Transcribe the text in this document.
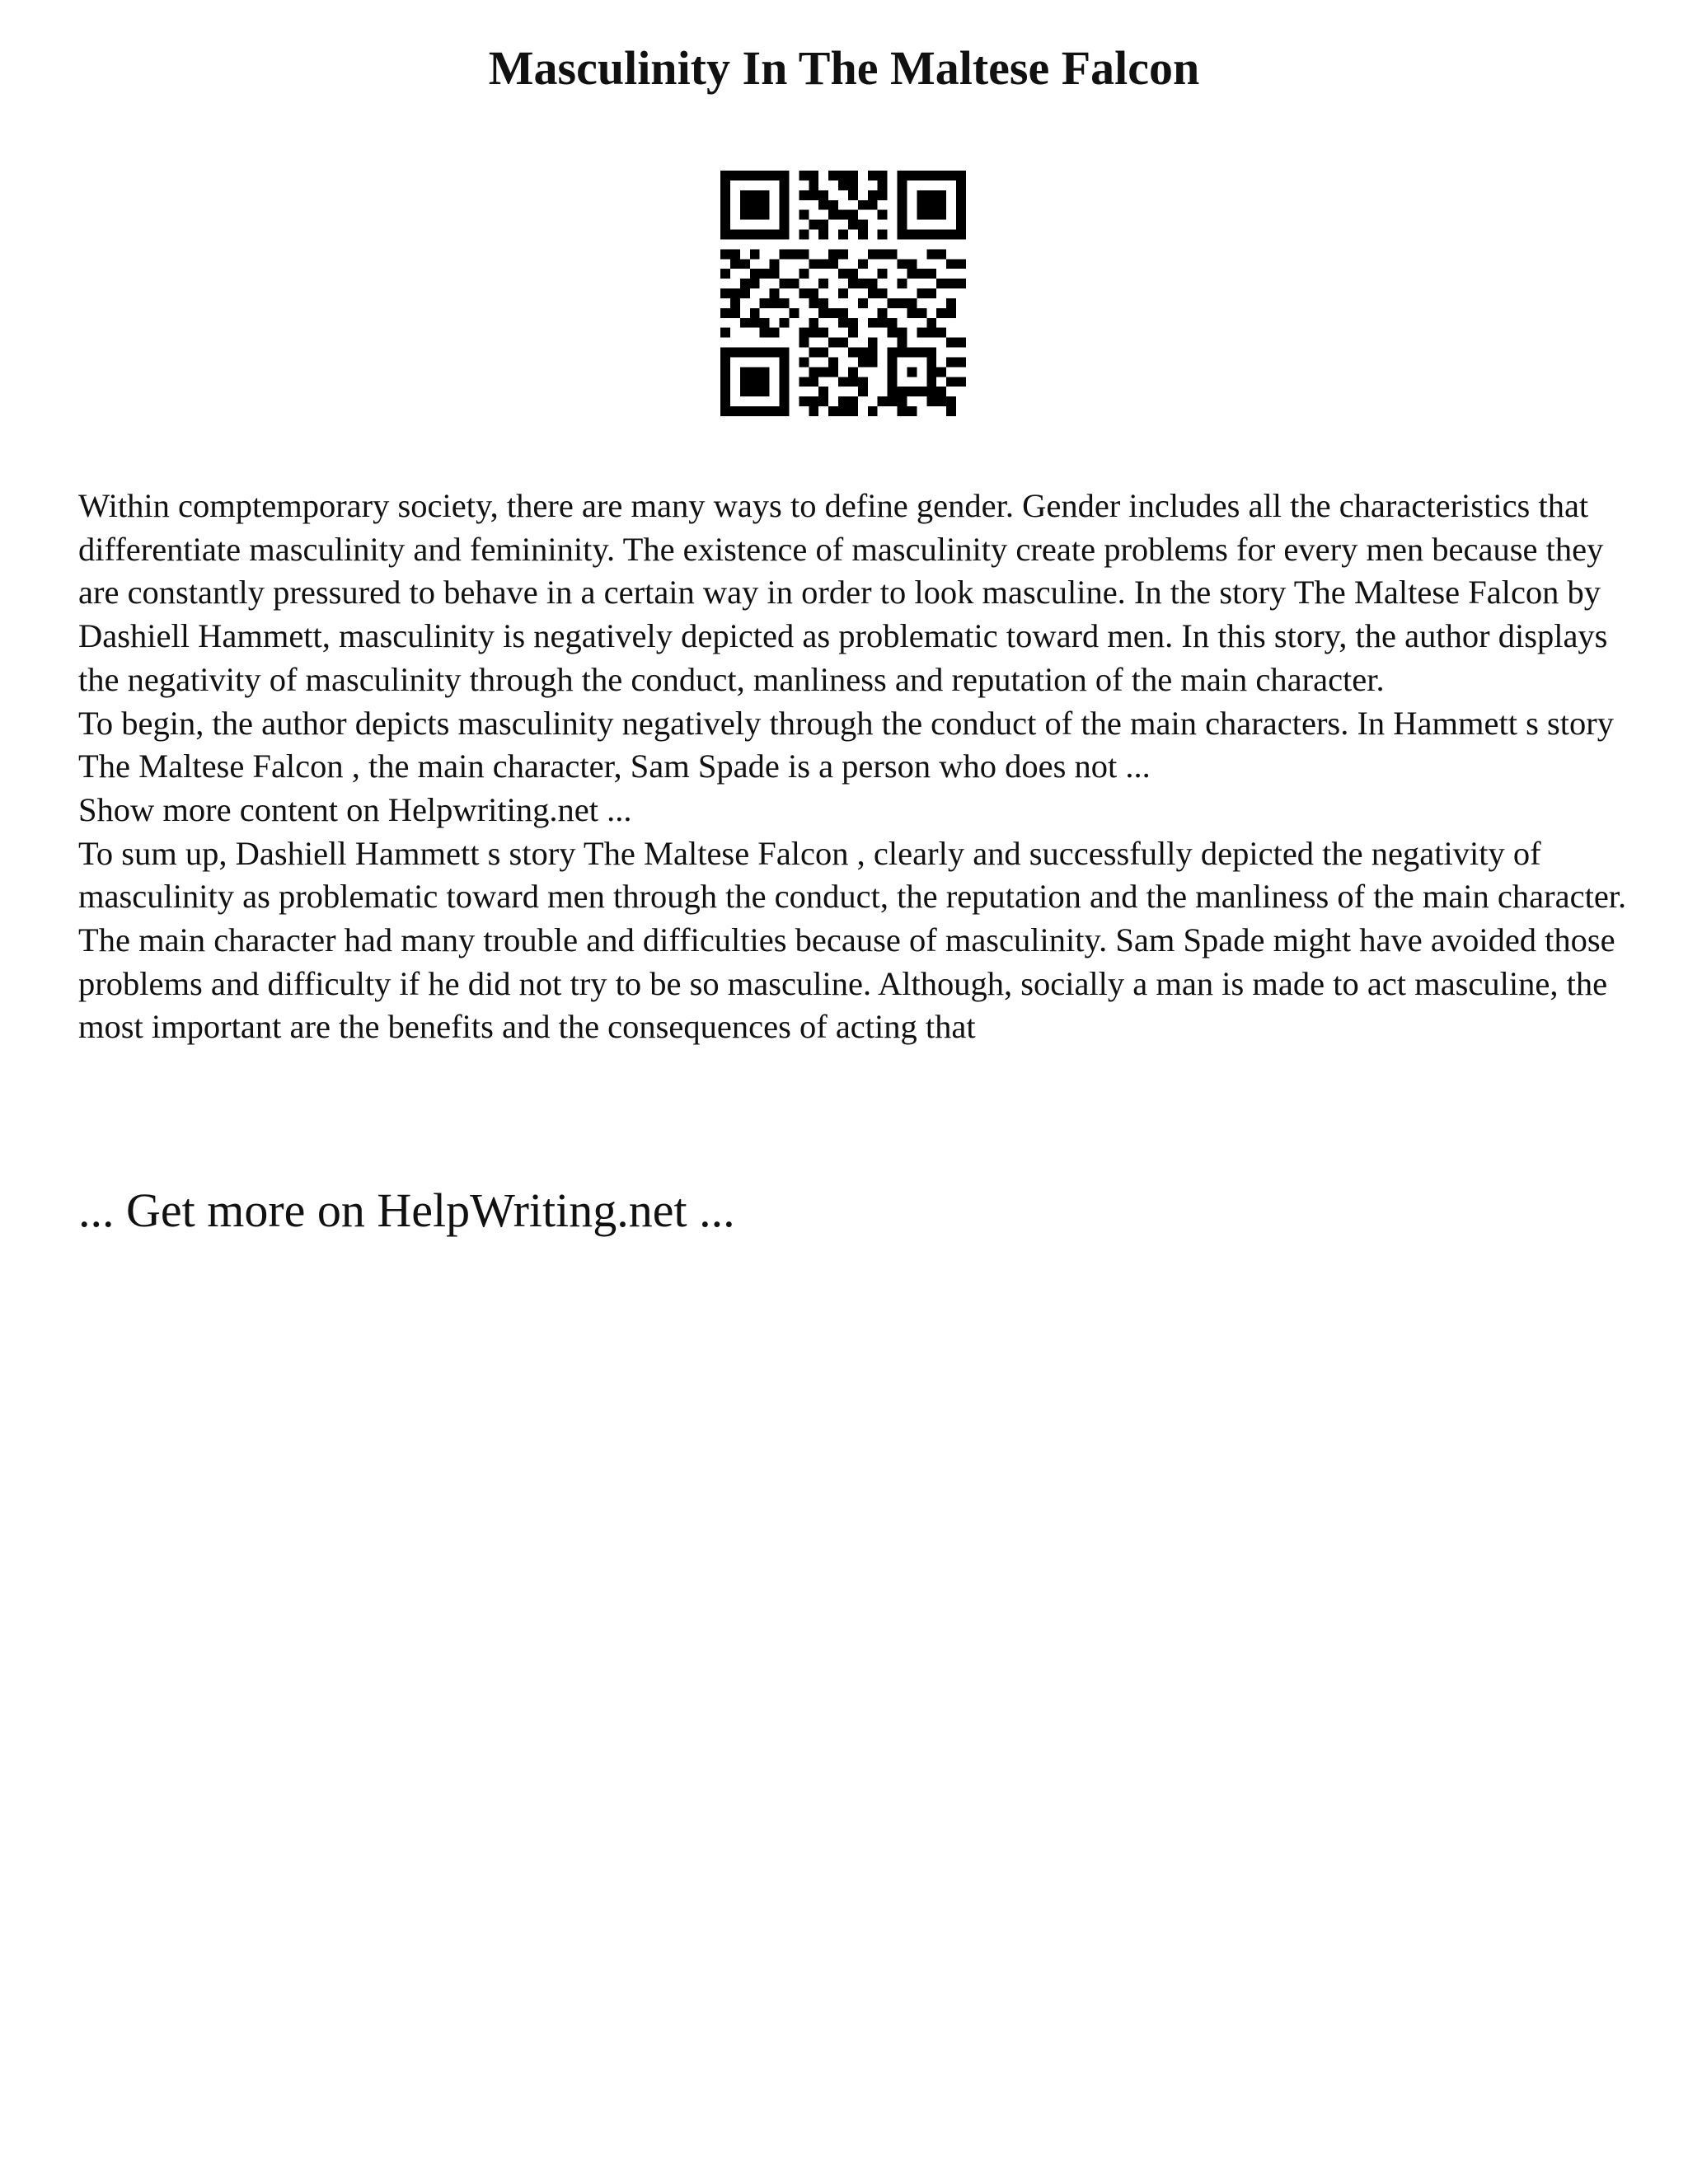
Masculinity In The Maltese Falcon

Within comptemporary society, there are many ways to define gender. Gender includes all the characteristics that differentiate masculinity and femininity. The existence of masculinity create problems for every men because they are constantly pressured to behave in a certain way in order to look masculine. In the story The Maltese Falcon by Dashiell Hammett, masculinity is negatively depicted as problematic toward men. In this story, the author displays the negativity of masculinity through the conduct, manliness and reputation of the main character.

To begin, the author depicts masculinity negatively through the conduct of the main characters. In Hammett s story The Maltese Falcon , the main character, Sam Spade is a person who does not ...

Show more content on Helpwriting.net ...

To sum up, Dashiell Hammett s story The Maltese Falcon , clearly and successfully depicted the negativity of masculinity as problematic toward men through the conduct, the reputation and the manliness of the main character. The main character had many trouble and difficulties because of masculinity. Sam Spade might have avoided those problems and difficulty if he did not try to be so masculine. Although, socially a man is made to act masculine, the most important are the benefits and the consequences of acting that

... Get more on HelpWriting.net ...
